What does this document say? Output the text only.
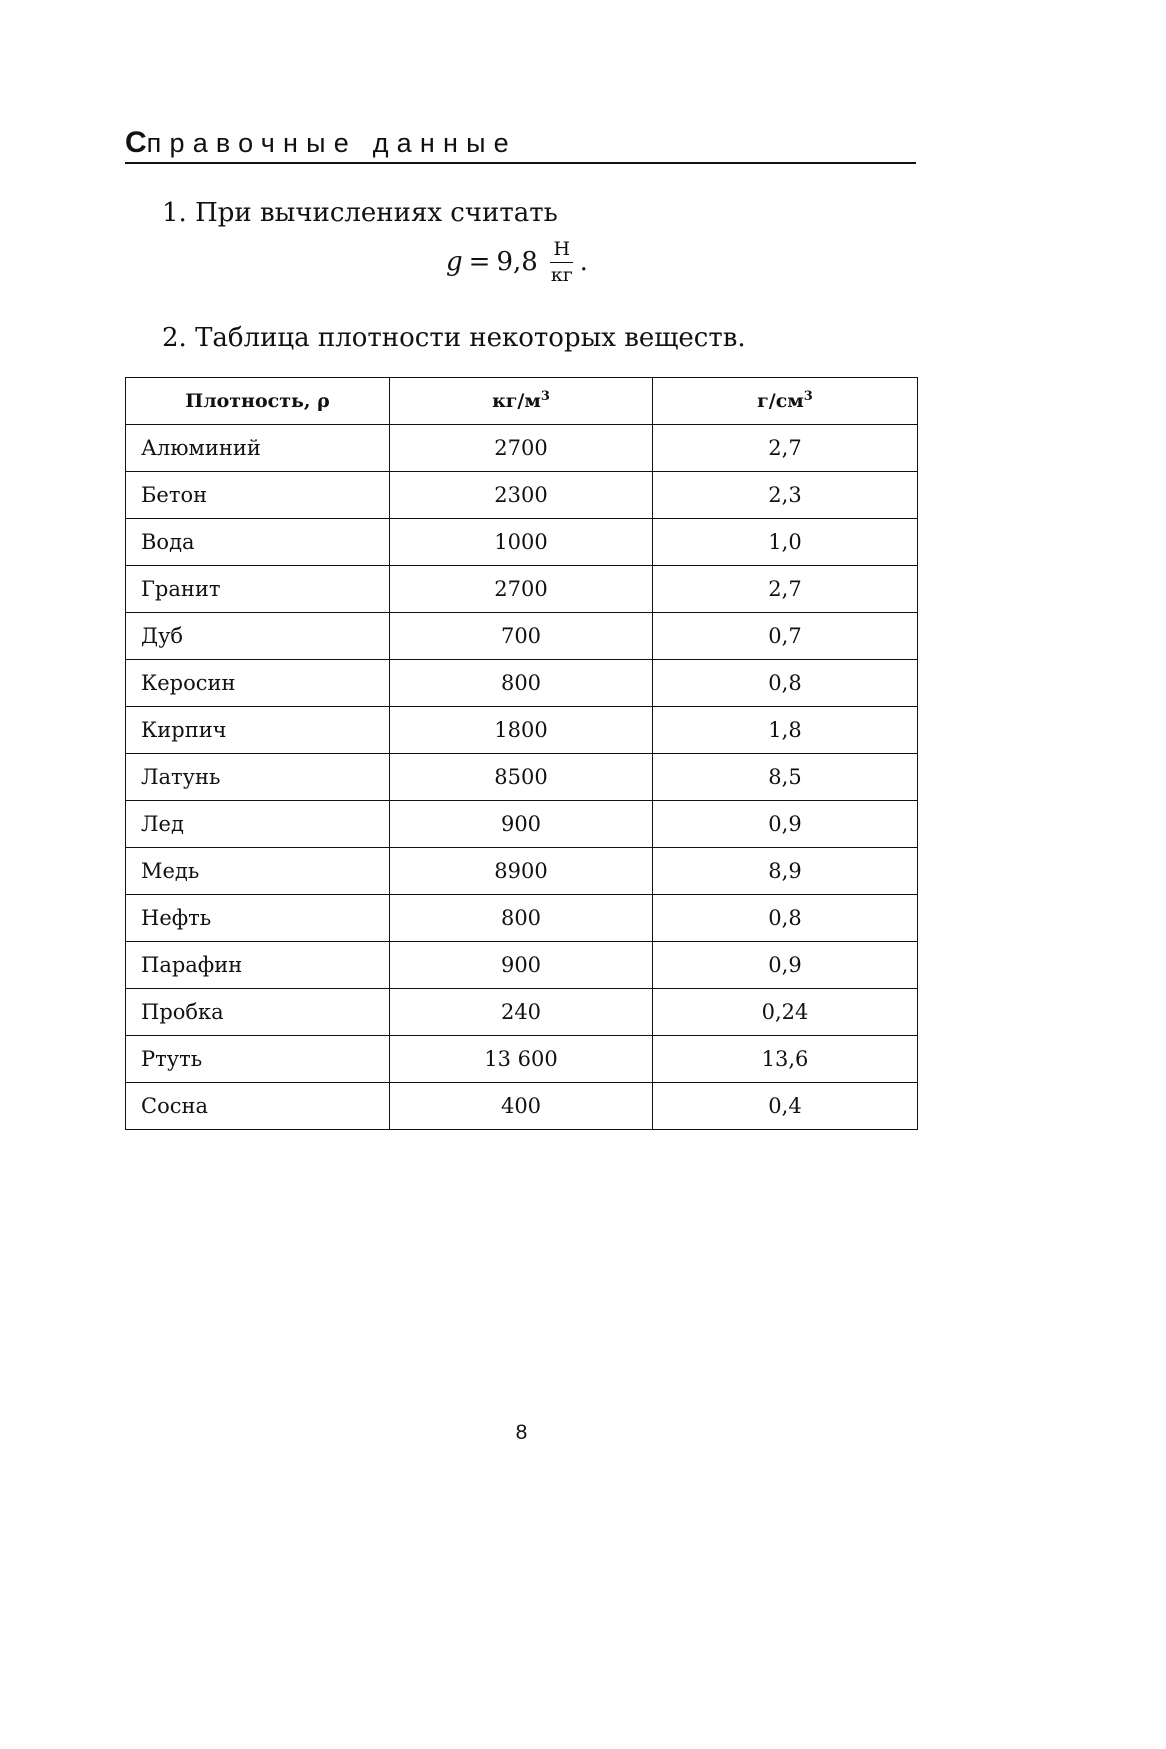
Справочные данные
1. При вычислениях считать
$g = 9,8 \frac{Н}{кг}$ .
2. Таблица плотности некоторых веществ.
Плотность, ρ	$кг/м^3$	$г/см^3$
Алюминий	2700	2,7
Бетон	2300	2,3
Вода	1000	1,0
Гранит	2700	2,7
Дуб	700	0,7
Керосин	800	0,8
Кирпич	1800	1,8
Латунь	8500	8,5
Лед	900	0,9
Медь	8900	8,9
Нефть	800	0,8
Парафин	900	0,9
Пробка	240	0,24
Ртуть	13 600	13,6
Сосна	400	0,4
8
